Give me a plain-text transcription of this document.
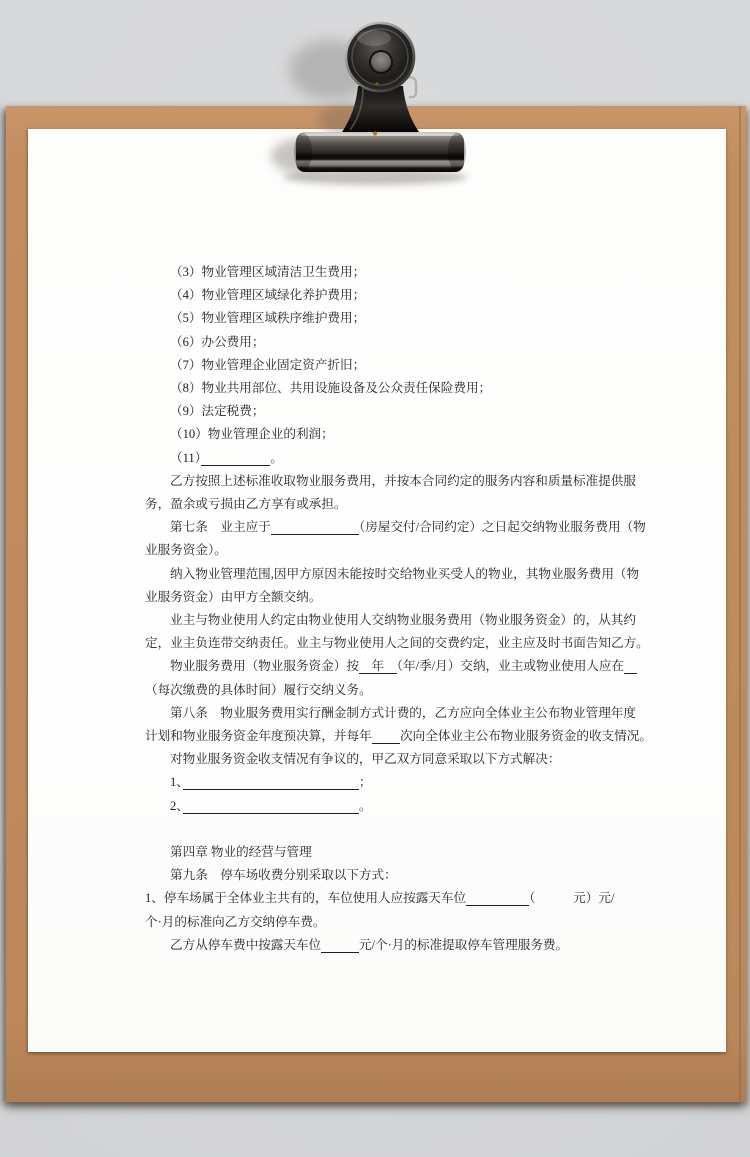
（3）物业管理区域清洁卫生费用；
（4）物业管理区域绿化养护费用；
（5）物业管理区域秩序维护费用；
（6）办公费用；
（7）物业管理企业固定资产折旧；
（8）物业共用部位、共用设施设备及公众责任保险费用；
（9）法定税费；
（10）物业管理企业的利润；
（11）　　　　　	。
乙方按照上述标准收取物业服务费用，并按本合同约定的服务内容和质量标准提供服
务，盈余或亏损由乙方享有或承担。
第七条　业主应于　　　　　　　	（房屋交付/合同约定）之日起交纳物业服务费用（物
业服务资金）。
纳入物业管理范围,因甲方原因未能按时交给物业买受人的物业，其物业服务费用（物
业服务资金）由甲方全额交纳。
业主与物业使用人约定由物业使用人交纳物业服务费用（物业服务资金）的，从其约
定，业主负连带交纳责任。业主与物业使用人之间的交费约定，业主应及时书面告知乙方。
物业服务费用（物业服务资金）按　年　（年/季/月）交纳，业主或物业使用人应在　
（每次缴费的具体时间）履行交纳义务。
第八条　物业服务费用实行酬金制方式计费的，乙方应向全体业主公布物业管理年度
计划和物业服务资金年度预决算，并每年　　 次向全体业主公布物业服务资金的收支情况。
对物业服务资金收支情况有争议的，甲乙双方同意采取以下方式解决：
1、　　　　　　　　　　　　　　	；
2、　　　　　　　　　　　　　　	。
第四章 物业的经营与管理
第九条　停车场收费分别采取以下方式：
1、停车场属于全体业主共有的，车位使用人应按露天车位　　　　　	（　　　元）元/
个·月的标准向乙方交纳停车费。
乙方从停车费中按露天车位　　　	元/个·月的标准提取停车管理服务费。
